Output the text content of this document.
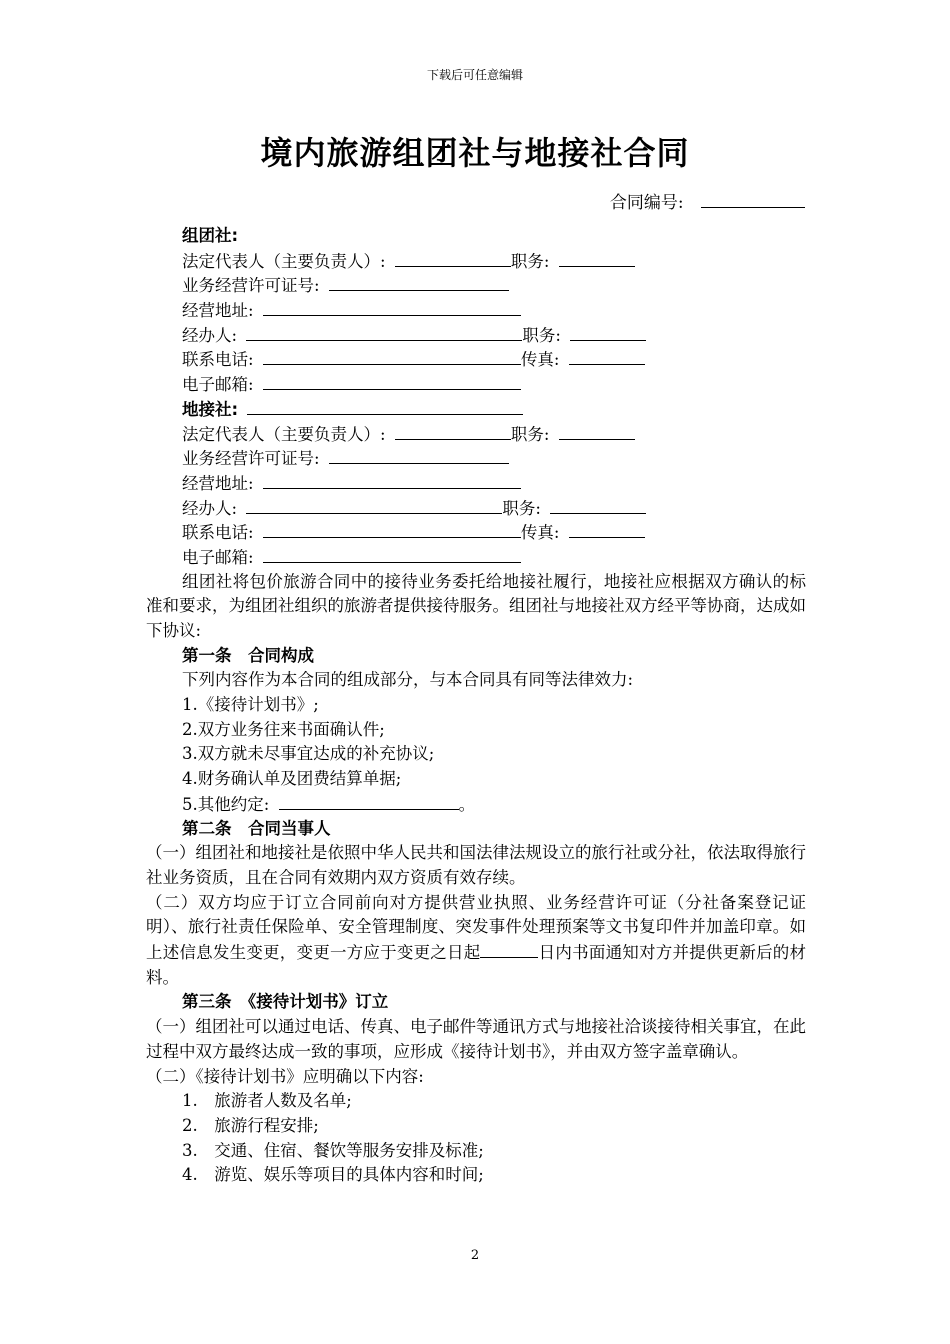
下载后可任意编辑
境内旅游组团社与地接社合同
合同编号:
组团社:
法定代表人（主要负责人）:	职务:
业务经营许可证号:
经营地址:
经办人:	职务:
联系电话:	传真:
电子邮箱:
地接社:
法定代表人（主要负责人）:	职务:
业务经营许可证号:
经营地址:
经办人:	职务:
联系电话:	传真:
电子邮箱:
组团社将包价旅游合同中的接待业务委托给地接社履行，地接社应根据双方确认的标准和要求，为组团社组织的旅游者提供接待服务。组团社与地接社双方经平等协商，达成如下协议:
第一条　合同构成
下列内容作为本合同的组成部分，与本合同具有同等法律效力:
1.《接待计划书》;
2.双方业务往来书面确认件;
3.双方就未尽事宜达成的补充协议;
4.财务确认单及团费结算单据;
5.其他约定:	。
第二条　合同当事人
（一）组团社和地接社是依照中华人民共和国法律法规设立的旅行社或分社，依法取得旅行社业务资质，且在合同有效期内双方资质有效存续。
（二）双方均应于订立合同前向对方提供营业执照、业务经营许可证（分社备案登记证明）、旅行社责任保险单、安全管理制度、突发事件处理预案等文书复印件并加盖印章。如上述信息发生变更，变更一方应于变更之日起	日内书面通知对方并提供更新后的材料。
第三条　《接待计划书》订立
（一）组团社可以通过电话、传真、电子邮件等通讯方式与地接社洽谈接待相关事宜，在此过程中双方最终达成一致的事项，应形成《接待计划书》，并由双方签字盖章确认。
（二）《接待计划书》应明确以下内容:
1.　旅游者人数及名单;
2.　旅游行程安排;
3.　交通、住宿、餐饮等服务安排及标准;
4.　游览、娱乐等项目的具体内容和时间;
2
